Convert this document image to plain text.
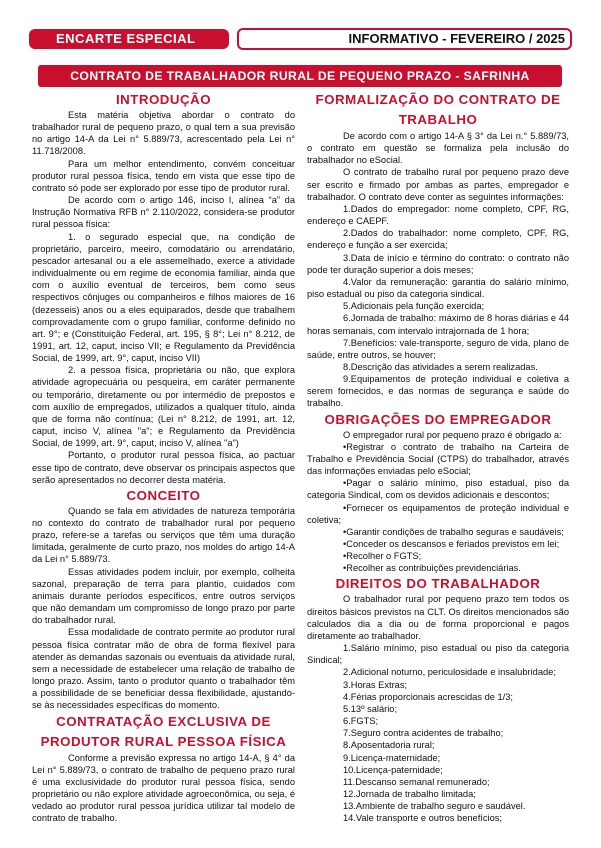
ENCARTE ESPECIAL	INFORMATIVO - FEVEREIRO / 2025
CONTRATO DE TRABALHADOR RURAL DE PEQUENO PRAZO - SAFRINHA
INTRODUÇÃO

Esta matéria objetiva abordar o contrato do trabalhador rural de pequeno prazo, o qual tem a sua previsão no artigo 14-A da Lei n° 5.889/73, acrescentado pela Lei n° 11.718/2008.

Para um melhor entendimento, convém conceituar produtor rural pessoa física, tendo em vista que esse tipo de contrato só pode ser explorado por esse tipo de produtor rural.

De acordo com o artigo 146, inciso I, alínea “a” da Instrução Normativa RFB n° 2.110/2022, considera-se produtor rural pessoa física:

1. o segurado especial que, na condição de proprietário, parceiro, meeiro, comodatário ou arrendatário, pescador artesanal ou a ele assemelhado, exerce a atividade individualmente ou em regime de economia familiar, ainda que com o auxílio eventual de terceiros, bem como seus respectivos cônjuges ou companheiros e filhos maiores de 16 (dezesseis) anos ou a eles equiparados, desde que trabalhem comprovadamente com o grupo familiar, conforme definido no art. 9°; e (Constituição Federal, art. 195, § 8°; Lei n° 8.212, de 1991, art. 12, caput, inciso VII; e Regulamento da Previdência Social, de 1999, art. 9°, caput, inciso VII)

2. a pessoa física, proprietária ou não, que explora atividade agropecuária ou pesqueira, em caráter permanente ou temporário, diretamente ou por intermédio de prepostos e com auxílio de empregados, utilizados a qualquer título, ainda que de forma não contínua; (Lei n° 8.212, de 1991, art. 12, caput, inciso V, alínea "a"; e Regulamento da Previdência Social, de 1999, art. 9°, caput, inciso V, alínea "a")

Portanto, o produtor rural pessoa física, ao pactuar esse tipo de contrato, deve observar os principais aspectos que serão apresentados no decorrer desta matéria.

CONCEITO

Quando se fala em atividades de natureza temporária no contexto do contrato de trabalhador rural por pequeno prazo, refere-se a tarefas ou serviços que têm uma duração limitada, geralmente de curto prazo, nos moldes do artigo 14-A da Lei n° 5.889/73.

Essas atividades podem incluir, por exemplo, colheita sazonal, preparação de terra para plantio, cuidados com animais durante períodos específicos, entre outros serviços que não demandam um compromisso de longo prazo por parte do trabalhador rural.

Essa modalidade de contrato permite ao produtor rural pessoa física contratar mão de obra de forma flexível para atender às demandas sazonais ou eventuais da atividade rural, sem a necessidade de estabelecer uma relação de trabalho de longo prazo. Assim, tanto o produtor quanto o trabalhador têm a possibilidade de se beneficiar dessa flexibilidade, ajustando-se às necessidades específicas do momento.

CONTRATAÇÃO EXCLUSIVA DE PRODUTOR RURAL PESSOA FÍSICA

Conforme a previsão expressa no artigo 14-A, § 4° da Lei n° 5.889/73, o contrato de trabalho de pequeno prazo rural é uma exclusividade do produtor rural pessoa física, sendo proprietário ou não explore atividade agroeconômica, ou seja, é vedado ao produtor rural pessoa jurídica utilizar tal modelo de contrato de trabalho.

FORMALIZAÇÃO DO CONTRATO DE TRABALHO

De acordo com o artigo 14-A § 3° da Lei n.° 5.889/73, o contrato em questão se formaliza pela inclusão do trabalhador no eSocial.

O contrato de trabalho rural por pequeno prazo deve ser escrito e firmado por ambas as partes, empregador e trabalhador. O contrato deve conter as seguintes informações:

1.Dados do empregador: nome completo, CPF, RG, endereço e CAEPF.

2.Dados do trabalhador: nome completo, CPF, RG, endereço e função a ser exercida;

3.Data de início e término do contrato: o contrato não pode ter duração superior a dois meses;

4.Valor da remuneração: garantia do salário mínimo, piso estadual ou piso da categoria sindical.

5.Adicionais pela função exercida;

6.Jornada de trabalho: máximo de 8 horas diárias e 44 horas semanais, com intervalo intrajornada de 1 hora;

7.Benefícios: vale-transporte, seguro de vida, plano de saúde, entre outros, se houver;

8.Descrição das atividades a serem realizadas.

9.Equipamentos de proteção individual e coletiva a serem fornecidos, e das normas de segurança e saúde do trabalho.

OBRIGAÇÕES DO EMPREGADOR

O empregador rural por pequeno prazo é obrigado a:

•Registrar o contrato de trabalho na Carteira de Trabalho e Previdência Social (CTPS) do trabalhador, através das informações enviadas pelo eSocial;

•Pagar o salário mínimo, piso estadual, piso da categoria Sindical, com os devidos adicionais e descontos;

•Fornecer os equipamentos de proteção individual e coletiva;

•Garantir condições de trabalho seguras e saudáveis;

•Conceder os descansos e feriados previstos em lei;

•Recolher o FGTS;

•Recolher as contribuições previdenciárias.

DIREITOS DO TRABALHADOR

O trabalhador rural por pequeno prazo tem todos os direitos básicos previstos na CLT. Os direitos mencionados são calculados dia a dia ou de forma proporcional e pagos diretamente ao trabalhador.

1.Salário mínimo, piso estadual ou piso da categoria Sindical;

2.Adicional noturno, periculosidade e insalubridade;

3.Horas Extras;

4.Férias proporcionais acrescidas de 1/3;

5.13º salário;

6.FGTS;

7.Seguro contra acidentes de trabalho;

8.Aposentadoria rural;

9.Licença-maternidade;

10.Licença-paternidade;

11.Descanso semanal remunerado;

12.Jornada de trabalho limitada;

13.Ambiente de trabalho seguro e saudável.

14.Vale transporte e outros benefícios;
